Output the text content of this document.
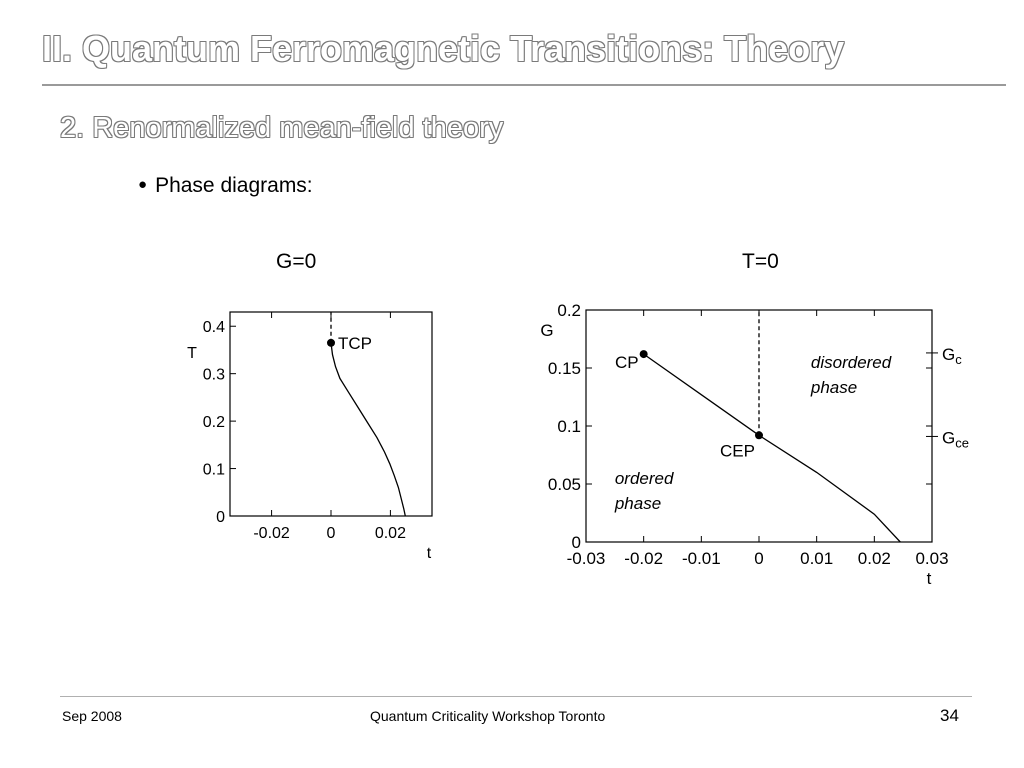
II. Quantum Ferromagnetic Transitions: Theory
2. Renormalized mean-field theory
● Phase diagrams:
G=0	T=0
-0.02 0 0.02
0
0.1
0.2
0.3
0.4
t
T
TCP
-0.03 -0.02 -0.01 0 0.01 0.02 0.03
0
0.05
0.1
0.15
0.2
t
G
CP
CEP
$G_c$
$G_{ce}$
disordered phase
ordered phase
Sep 2008	Quantum Criticality Workshop Toronto	34
